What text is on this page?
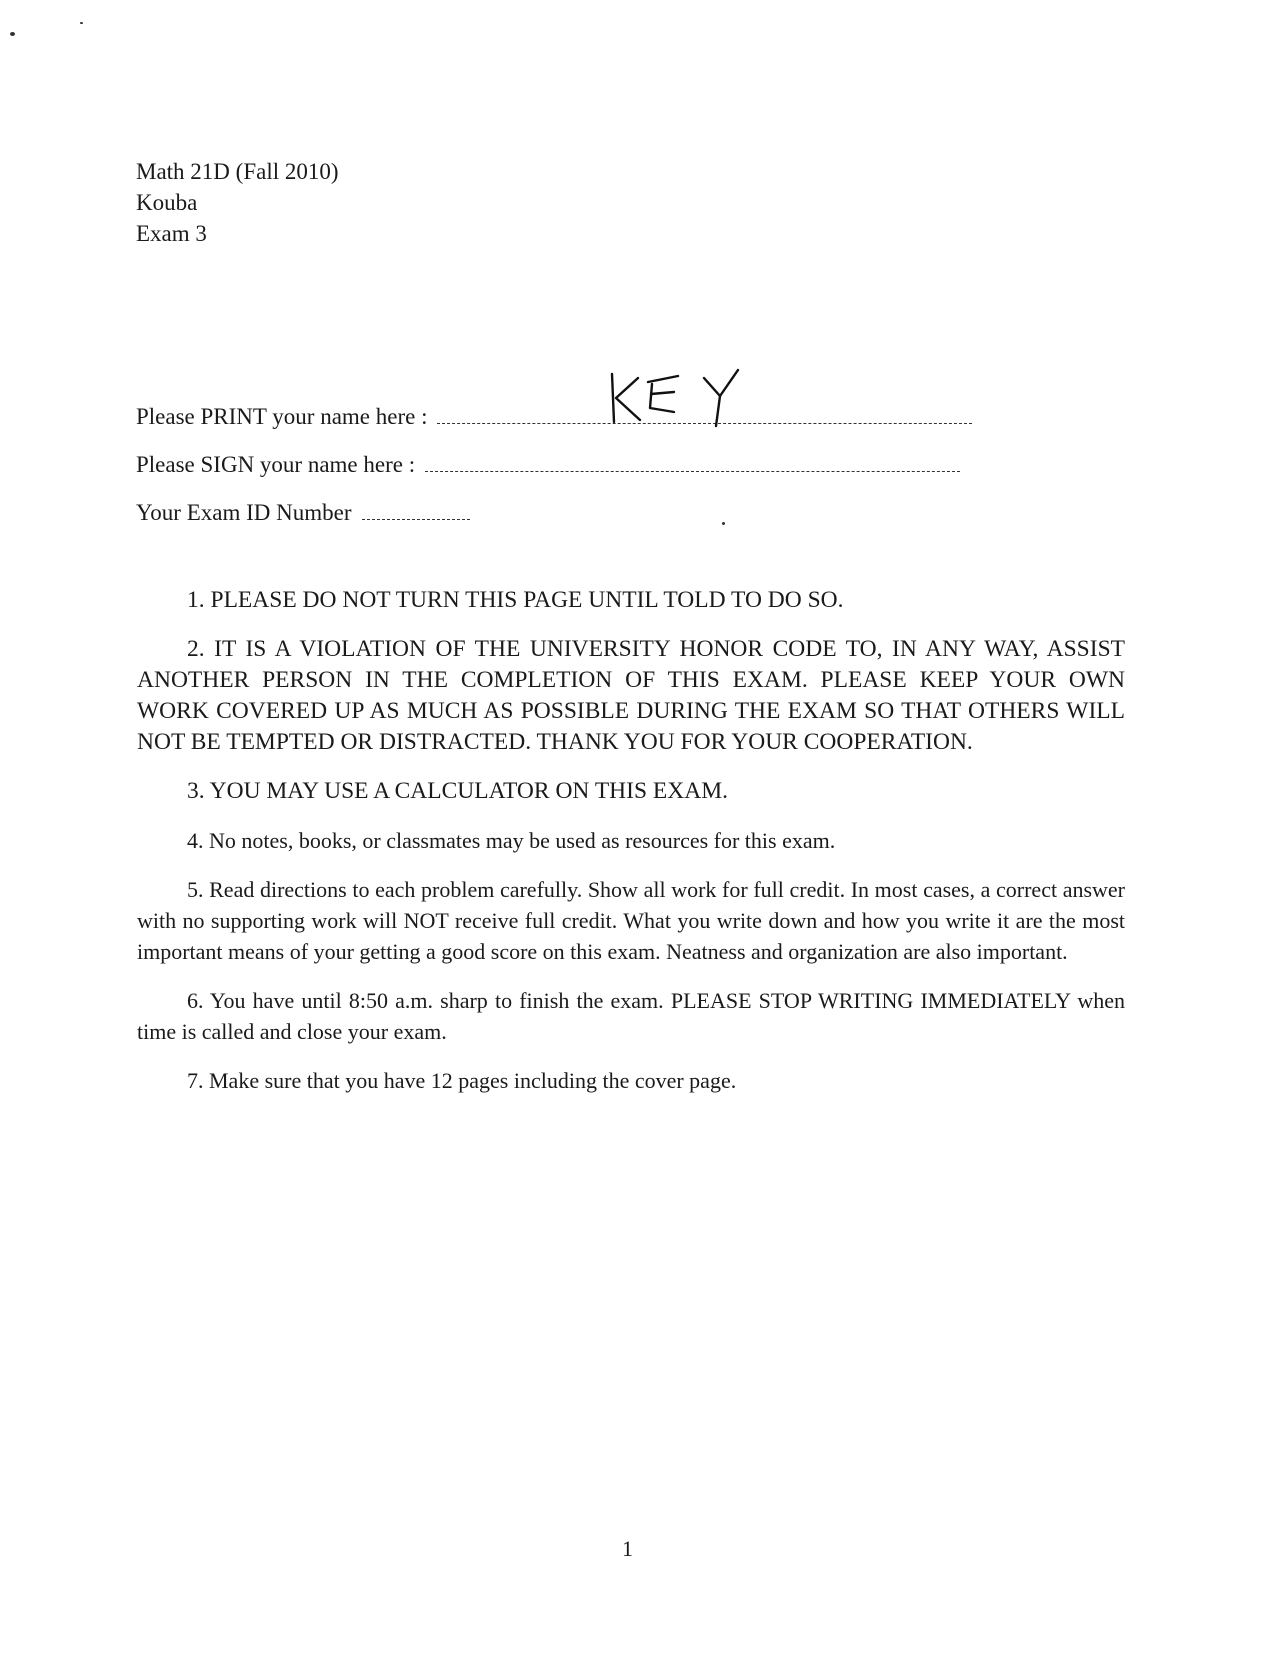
Math 21D (Fall 2010)
Kouba
Exam 3
Please PRINT your name here :
Please SIGN your name here :
Your Exam ID Number

1. PLEASE DO NOT TURN THIS PAGE UNTIL TOLD TO DO SO.

2. IT IS A VIOLATION OF THE UNIVERSITY HONOR CODE TO, IN ANY WAY, ASSIST ANOTHER PERSON IN THE COMPLETION OF THIS EXAM. PLEASE KEEP YOUR OWN WORK COVERED UP AS MUCH AS POSSIBLE DURING THE EXAM SO THAT OTHERS WILL NOT BE TEMPTED OR DISTRACTED. THANK YOU FOR YOUR COOPERATION.

3. YOU MAY USE A CALCULATOR ON THIS EXAM.

4. No notes, books, or classmates may be used as resources for this exam.

5. Read directions to each problem carefully. Show all work for full credit. In most cases, a correct answer with no supporting work will NOT receive full credit. What you write down and how you write it are the most important means of your getting a good score on this exam. Neatness and organization are also important.

6. You have until 8:50 a.m. sharp to finish the exam. PLEASE STOP WRITING IMMEDIATELY when time is called and close your exam.

7. Make sure that you have 12 pages including the cover page.

1
